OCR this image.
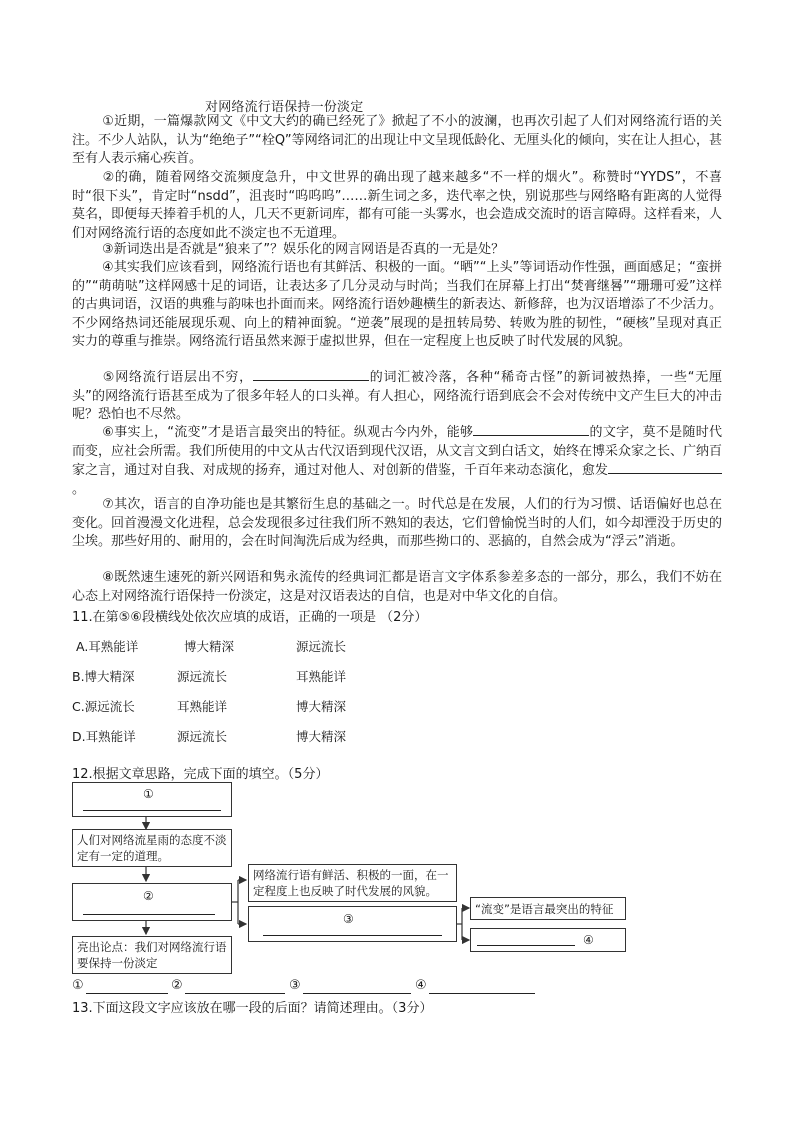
对网络流行语保持一份淡定

①近期，一篇爆款网文《中文大约的确已经死了》掀起了不小的波澜，也再次引起了人们对网络流行语的关注。不少人站队，认为“绝绝子”“栓Q”等网络词汇的出现让中文呈现低龄化、无厘头化的倾向，实在让人担心，甚至有人表示痛心疾首。

②的确，随着网络交流频度急升，中文世界的确出现了越来越多“不一样的烟火”。称赞时“YYDS”，不喜时“很下头”，肯定时“nsdd”，沮丧时“呜呜呜”……新生词之多，迭代率之快，别说那些与网络略有距离的人觉得莫名，即便每天捧着手机的人，几天不更新词库，都有可能一头雾水，也会造成交流时的语言障碍。这样看来，人们对网络流行语的态度如此不淡定也不无道理。

③新词迭出是否就是“狼来了”？娱乐化的网言网语是否真的一无是处？

④其实我们应该看到，网络流行语也有其鲜活、积极的一面。“晒”“上头”等词语动作性强，画面感足；“蛮拼的”“萌萌哒”这样网感十足的词语，让表达多了几分灵动与时尚；当我们在屏幕上打出“焚膏继晷”“珊珊可爱”这样的古典词语，汉语的典雅与韵味也扑面而来。网络流行语妙趣横生的新表达、新修辞，也为汉语增添了不少活力。不少网络热词还能展现乐观、向上的精神面貌。“逆袭”展现的是扭转局势、转败为胜的韧性，“硬核”呈现对真正实力的尊重与推崇。网络流行语虽然来源于虚拟世界，但在一定程度上也反映了时代发展的风貌。

⑤网络流行语层出不穷，	的词汇被冷落，各种“稀奇古怪”的新词被热捧，一些“无厘头”的网络流行语甚至成为了很多年轻人的口头禅。有人担心，网络流行语到底会不会对传统中文产生巨大的冲击呢？恐怕也不尽然。

⑥事实上，“流变”才是语言最突出的特征。纵观古今内外，能够	的文字，莫不是随时代而变，应社会所需。我们所使用的中文从古代汉语到现代汉语，从文言文到白话文，始终在博采众家之长、广纳百家之言，通过对自我、对成规的扬弃，通过对他人、对创新的借鉴，千百年来动态演化，愈发。

⑦其次，语言的自净功能也是其繁衍生息的基础之一。时代总是在发展，人们的行为习惯、话语偏好也总在变化。回首漫漫文化进程，总会发现很多过往我们所不熟知的表达，它们曾愉悦当时的人们，如今却湮没于历史的尘埃。那些好用的、耐用的，会在时间淘洗后成为经典，而那些拗口的、恶搞的，自然会成为“浮云”消逝。

⑧既然速生速死的新兴网语和隽永流传的经典词汇都是语言文字体系参差多态的一部分，那么，我们不妨在心态上对网络流行语保持一份淡定，这是对汉语表达的自信，也是对中华文化的自信。

11.在第⑤⑥段横线处依次应填的成语，正确的一项是 （2分）
A.耳熟能详	博大精深	源远流长
B.博大精深	源远流长	耳熟能详
C.源远流长	耳熟能详	博大精深
D.耳熟能详	源远流长	博大精深
12.根据文章思路，完成下面的填空。（5分）
①
人们对网络流星雨的态度不淡定有一定的道理。
②
亮出论点：我们对网络流行语要保持一份淡定
网络流行语有鲜活、积极的一面，在一定程度上也反映了时代发展的风貌。
③
“流变”是语言最突出的特征
④
①	②	③	④
13.下面这段文字应该放在哪一段的后面？请简述理由。（3分）
